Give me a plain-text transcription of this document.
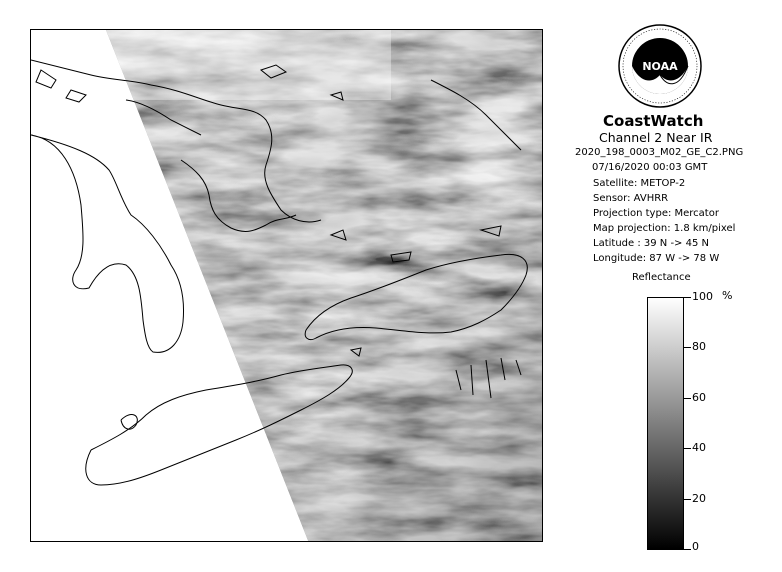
NOAA
CoastWatch
Channel 2 Near IR
2020_198_0003_M02_GE_C2.PNG
07/16/2020 00:03 GMT
Satellite: METOP-2
Sensor: AVHRR
Projection type: Mercator
Map projection: 1.8 km/pixel
Latitude : 39 N -> 45 N
Longitude: 87 W -> 78 W
Reflectance
%
100
80
60
40
20
0
